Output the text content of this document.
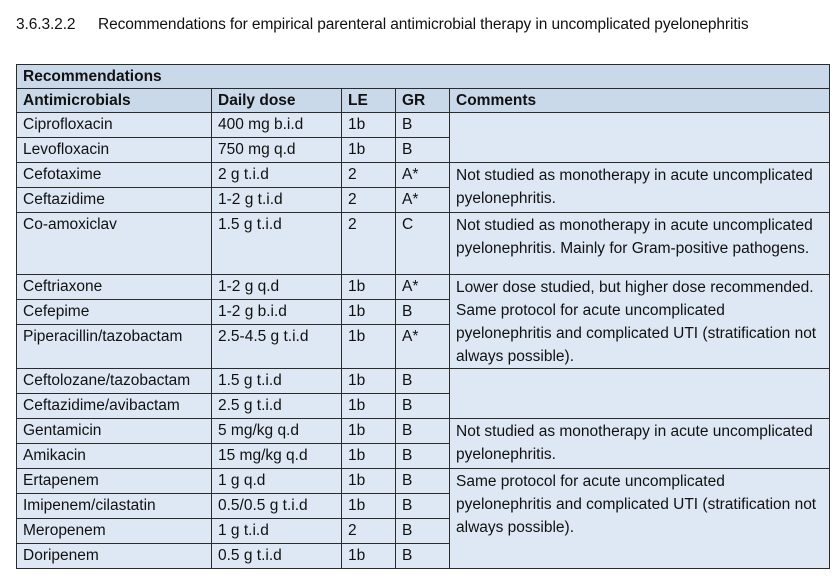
3.6.3.2.2 Recommendations for empirical parenteral antimicrobial therapy in uncomplicated pyelonephritis
Recommendations				
Antimicrobials	Daily dose	LE	GR	Comments
Ciprofloxacin	400 mg b.i.d	1b	B	
Levofloxacin	750 mg q.d	1b	B	
Cefotaxime	2 g t.i.d	2	A*	Not studied as monotherapy in acute uncomplicated pyelonephritis.
Ceftazidime	1-2 g t.i.d	2	A*	
Co-amoxiclav	1.5 g t.i.d	2	C	Not studied as monotherapy in acute uncomplicated pyelonephritis. Mainly for Gram-positive pathogens.
Ceftriaxone	1-2 g q.d	1b	A*	Lower dose studied, but higher dose recommended. Same protocol for acute uncomplicated pyelonephritis and complicated UTI (stratification not always possible).
Cefepime	1-2 g b.i.d	1b	B	
Piperacillin/tazobactam	2.5-4.5 g t.i.d	1b	A*	
Ceftolozane/tazobactam	1.5 g t.i.d	1b	B	
Ceftazidime/avibactam	2.5 g t.i.d	1b	B	
Gentamicin	5 mg/kg q.d	1b	B	Not studied as monotherapy in acute uncomplicated pyelonephritis.
Amikacin	15 mg/kg q.d	1b	B	
Ertapenem	1 g q.d	1b	B	Same protocol for acute uncomplicated pyelonephritis and complicated UTI (stratification not always possible).
Imipenem/cilastatin	0.5/0.5 g t.i.d	1b	B	
Meropenem	1 g t.i.d	2	B	
Doripenem	0.5 g t.i.d	1b	B	
